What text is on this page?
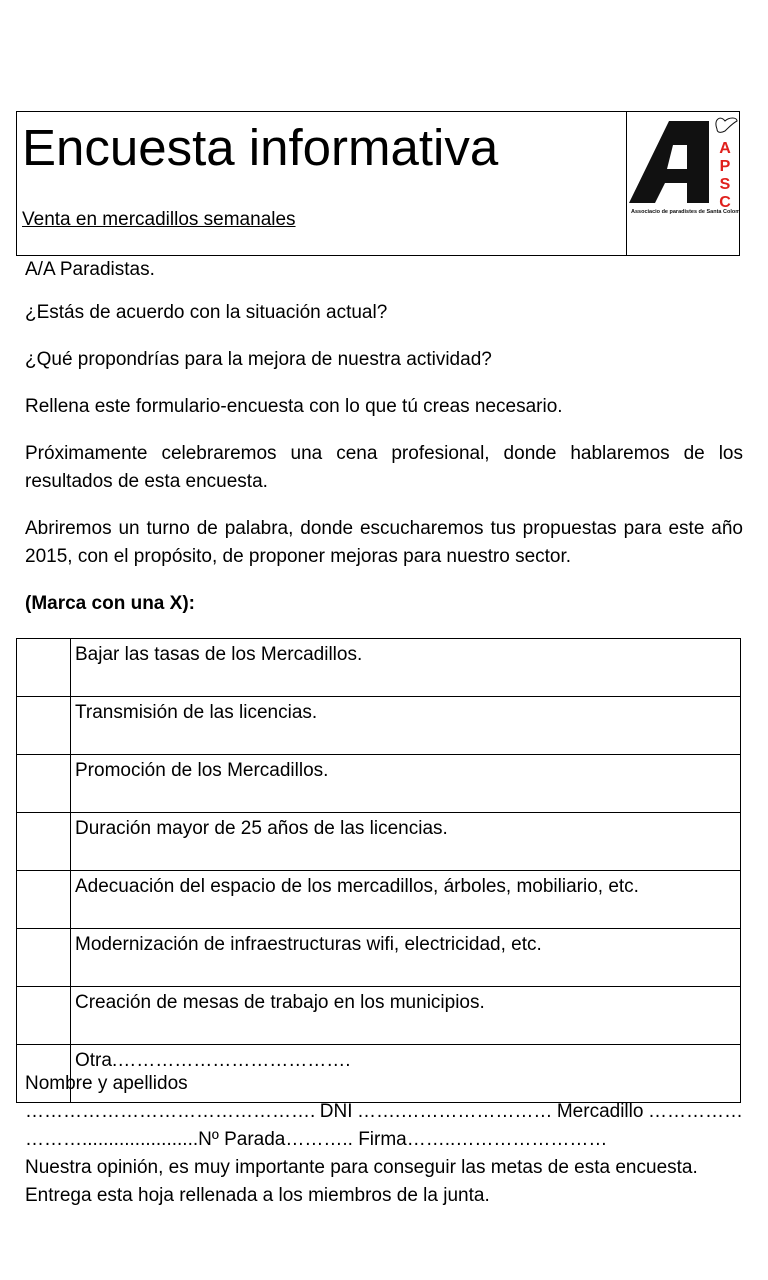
Encuesta informativa
Venta en mercadillos semanales
A
P
S
C
Associacio de paradistes de Santa Coloma
A/A Paradistas.
¿Estás de acuerdo con la situación actual?
¿Qué propondrías para la mejora de nuestra actividad?
Rellena este formulario-encuesta con lo que tú creas necesario.
Próximamente celebraremos una cena profesional, donde hablaremos de los resultados de esta encuesta.
Abriremos un turno de palabra, donde escucharemos tus propuestas para este año 2015, con el propósito, de proponer mejoras para nuestro sector.
(Marca con una X):
	Bajar las tasas de los Mercadillos.
	Transmisión de las licencias.
	Promoción de los Mercadillos.
	Duración mayor de 25 años de las licencias.
	Adecuación del espacio de los mercadillos, árboles, mobiliario, etc.
	Modernización de infraestructuras wifi, electricidad, etc.
	Creación de mesas de trabajo en los municipios.
	Otra.……………………………….
Nombre y apellidos
………………………………………. DNI …….…………………… Mercadillo ……………
………......................Nº Parada……….. Firma……..……………………
Nuestra opinión, es muy importante para conseguir las metas de esta encuesta.
Entrega esta hoja rellenada a los miembros de la junta.
